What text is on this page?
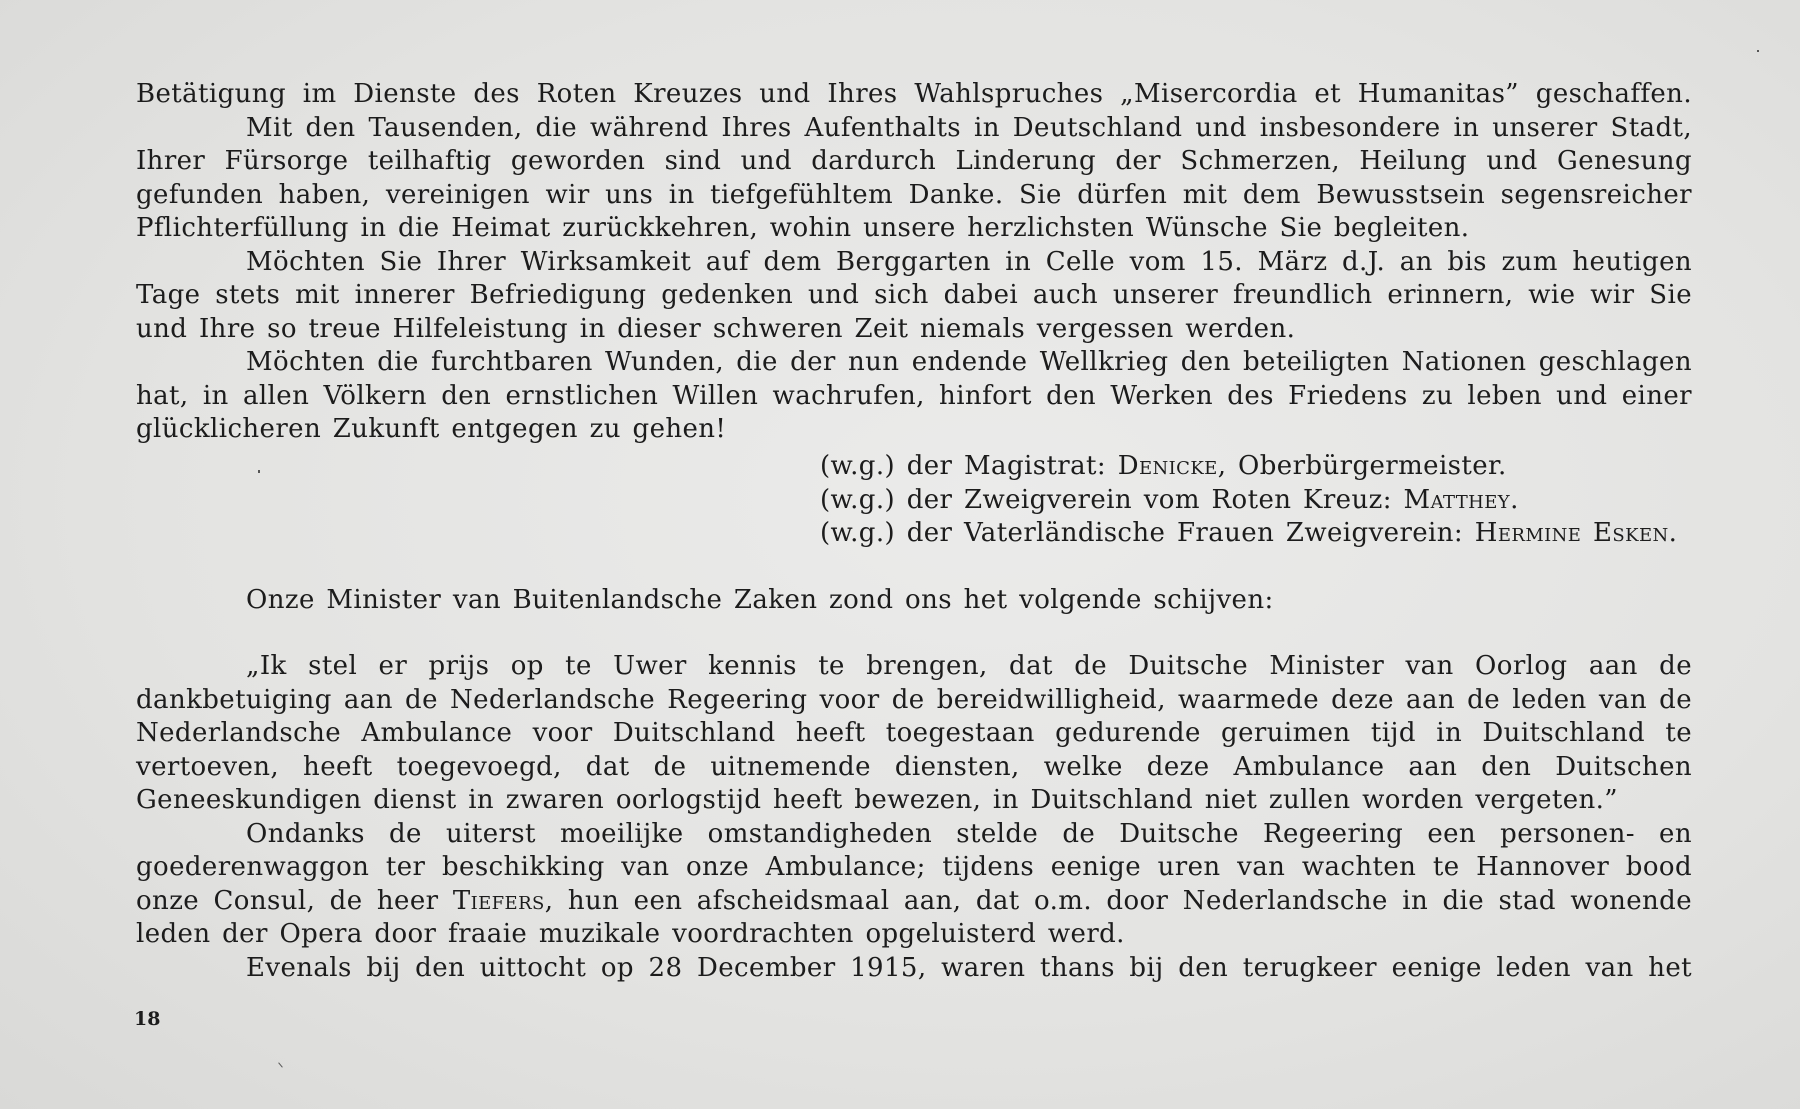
Betätigung im Dienste des Roten Kreuzes und Ihres Wahlspruches „Misercordia et Humanitas” geschaffen.

Mit den Tausenden, die während Ihres Aufenthalts in Deutschland und insbesondere in unserer Stadt, Ihrer Fürsorge teilhaftig geworden sind und dardurch Linderung der Schmerzen, Heilung und Genesung gefunden haben, vereinigen wir uns in tiefgefühltem Danke. Sie dürfen mit dem Bewusstsein segensreicher Pflichterfüllung in die Heimat zurückkehren, wohin unsere herzlichsten Wünsche Sie begleiten.

Möchten Sie Ihrer Wirksamkeit auf dem Berggarten in Celle vom 15. März d.J. an bis zum heutigen Tage stets mit innerer Befriedigung gedenken und sich dabei auch unserer freundlich erinnern, wie wir Sie und Ihre so treue Hilfeleistung in dieser schweren Zeit niemals vergessen werden.

Möchten die furchtbaren Wunden, die der nun endende Wellkrieg den beteiligten Nationen geschlagen hat, in allen Völkern den ernstlichen Willen wachrufen, hinfort den Werken des Friedens zu leben und einer glücklicheren Zukunft entgegen zu gehen!

(w.g.) der Magistrat: Denicke, Oberbürgermeister.
(w.g.) der Zweigverein vom Roten Kreuz: Matthey.
(w.g.) der Vaterländische Frauen Zweigverein: Hermine Esken.

Onze Minister van Buitenlandsche Zaken zond ons het volgende schijven:

„Ik stel er prijs op te Uwer kennis te brengen, dat de Duitsche Minister van Oorlog aan de dankbetuiging aan de Nederlandsche Regeering voor de bereidwilligheid, waarmede deze aan de leden van de Nederlandsche Ambulance voor Duitschland heeft toegestaan gedurende geruimen tijd in Duitschland te vertoeven, heeft toegevoegd, dat de uitnemende diensten, welke deze Ambulance aan den Duitschen Geneeskundigen dienst in zwaren oorlogstijd heeft bewezen, in Duitschland niet zullen worden vergeten.”

Ondanks de uiterst moeilijke omstandigheden stelde de Duitsche Regeering een personen- en goederenwaggon ter beschikking van onze Ambulance; tijdens eenige uren van wachten te Hannover bood onze Consul, de heer Tiefers, hun een afscheidsmaal aan, dat o.m. door Nederlandsche in die stad wonende leden der Opera door fraaie muzikale voordrachten opgeluisterd werd.

Evenals bij den uittocht op 28 December 1915, waren thans bij den terugkeer eenige leden van het

18
